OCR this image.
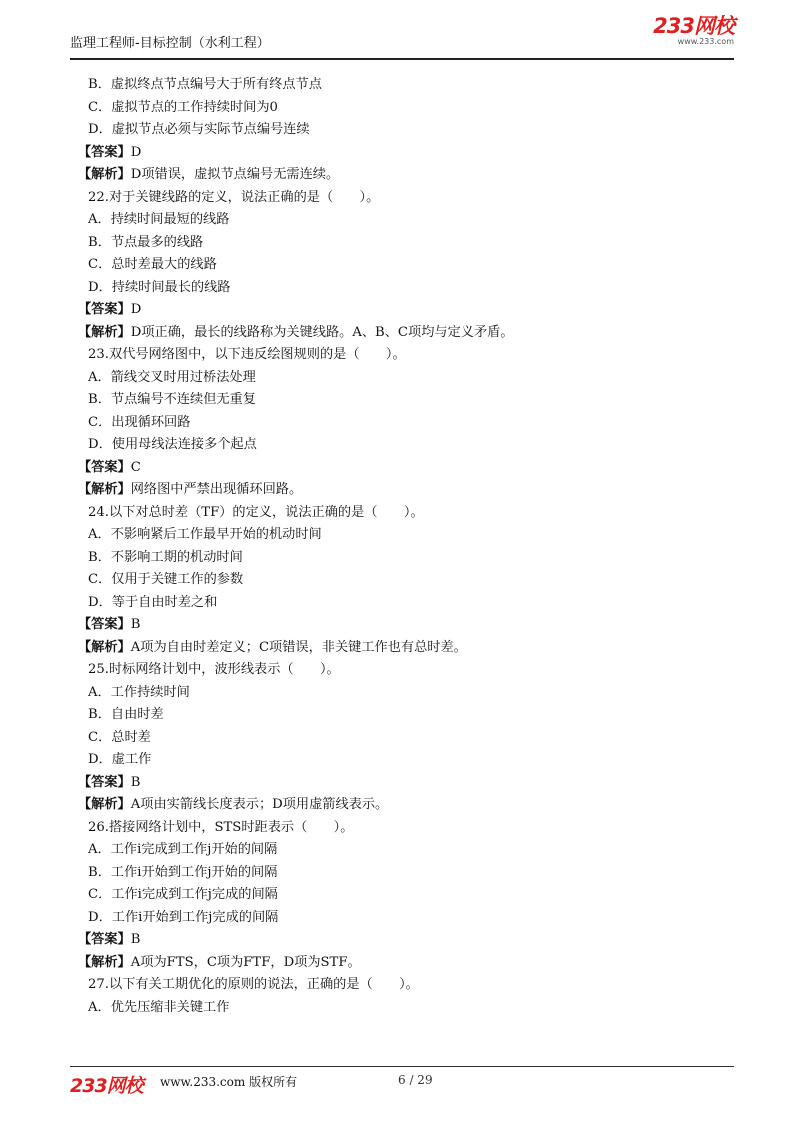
监理工程师-目标控制（水利工程）
233网校
www.233.com
B．虚拟终点节点编号大于所有终点节点
C．虚拟节点的工作持续时间为0
D．虚拟节点必须与实际节点编号连续
【答案】D
【解析】D项错误，虚拟节点编号无需连续。
22.对于关键线路的定义，说法正确的是（　　）。
A．持续时间最短的线路
B．节点最多的线路
C．总时差最大的线路
D．持续时间最长的线路
【答案】D
【解析】D项正确，最长的线路称为关键线路。A、B、C项均与定义矛盾。
23.双代号网络图中，以下违反绘图规则的是（　　）。
A．箭线交叉时用过桥法处理
B．节点编号不连续但无重复
C．出现循环回路
D．使用母线法连接多个起点
【答案】C
【解析】网络图中严禁出现循环回路。
24.以下对总时差（TF）的定义，说法正确的是（　　）。
A．不影响紧后工作最早开始的机动时间
B．不影响工期的机动时间
C．仅用于关键工作的参数
D．等于自由时差之和
【答案】B
【解析】A项为自由时差定义；C项错误，非关键工作也有总时差。
25.时标网络计划中，波形线表示（　　）。
A．工作持续时间
B．自由时差
C．总时差
D．虚工作
【答案】B
【解析】A项由实箭线长度表示；D项用虚箭线表示。
26.搭接网络计划中，STS时距表示（　　）。
A．工作i完成到工作j开始的间隔
B．工作i开始到工作j开始的间隔
C．工作i完成到工作j完成的间隔
D．工作i开始到工作j完成的间隔
【答案】B
【解析】A项为FTS，C项为FTF，D项为STF。
27.以下有关工期优化的原则的说法，正确的是（　　）。
A．优先压缩非关键工作
233网校 www.233.com 版权所有	6 / 29
